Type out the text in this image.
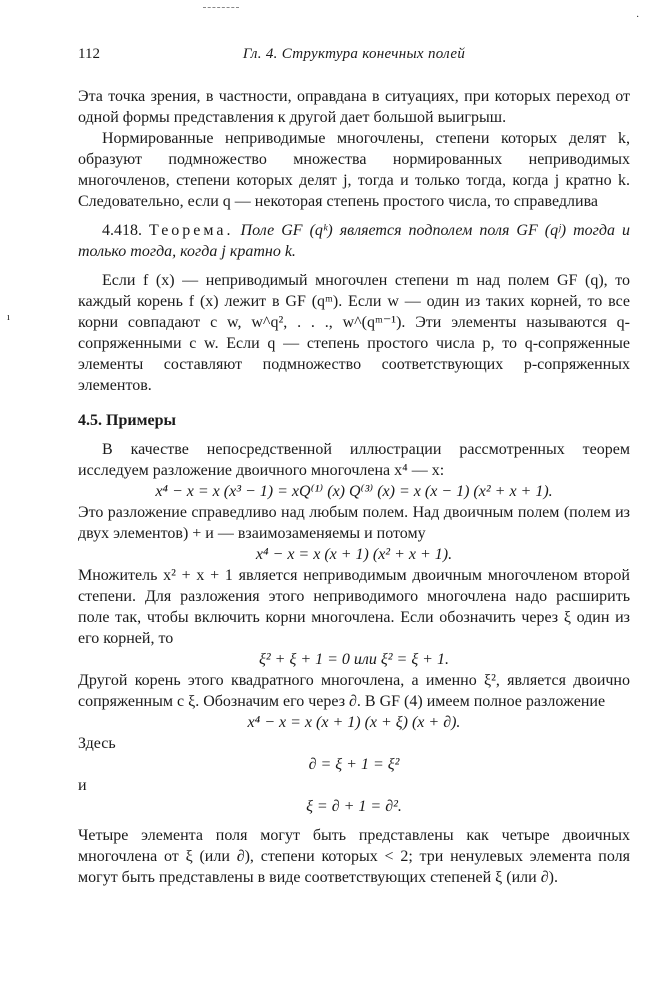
·
ı
112	Гл. 4. Структура конечных полей

Эта точка зрения, в частности, оправдана в ситуациях, при которых переход от одной формы представления к другой дает большой выигрыш.

Нормированные неприводимые многочлены, степени которых делят k, образуют подмножество множества нормированных неприводимых многочленов, степени которых делят j, тогда и только тогда, когда j кратно k. Следовательно, если q — некоторая степень простого числа, то справедлива

4.418. Теорема. Поле GF (qᵏ) является подполем поля GF (qʲ) тогда и только тогда, когда j кратно k.

Если f (x) — неприводимый многочлен степени m над полем GF (q), то каждый корень f (x) лежит в GF (qᵐ). Если w — один из таких корней, то все корни совпадают с w, w^q², . . ., w^(qᵐ⁻¹). Эти элементы называются q-сопряженными с w. Если q — степень простого числа p, то q-сопряженные элементы составляют подмножество соответствующих p-сопряженных элементов.

4.5. Примеры

В качестве непосредственной иллюстрации рассмотренных теорем исследуем разложение двоичного многочлена x⁴ — x:

x⁴ − x = x (x³ − 1) = xQ⁽¹⁾ (x) Q⁽³⁾ (x) = x (x − 1) (x² + x + 1).

Это разложение справедливо над любым полем. Над двоичным полем (полем из двух элементов) + и — взаимозаменяемы и потому

x⁴ − x = x (x + 1) (x² + x + 1).

Множитель x² + x + 1 является неприводимым двоичным многочленом второй степени. Для разложения этого неприводимого многочлена надо расширить поле так, чтобы включить корни многочлена. Если обозначить через ξ один из его корней, то

ξ² + ξ + 1 = 0 или ξ² = ξ + 1.

Другой корень этого квадратного многочлена, а именно ξ², является двоично сопряженным с ξ. Обозначим его через ∂. В GF (4) имеем полное разложение

x⁴ − x = x (x + 1) (x + ξ) (x + ∂).

Здесь

∂ = ξ + 1 = ξ²

и

ξ = ∂ + 1 = ∂².

Четыре элемента поля могут быть представлены как четыре двоичных многочлена от ξ (или ∂), степени которых < 2; три ненулевых элемента поля могут быть представлены в виде соответствующих степеней ξ (или ∂).
